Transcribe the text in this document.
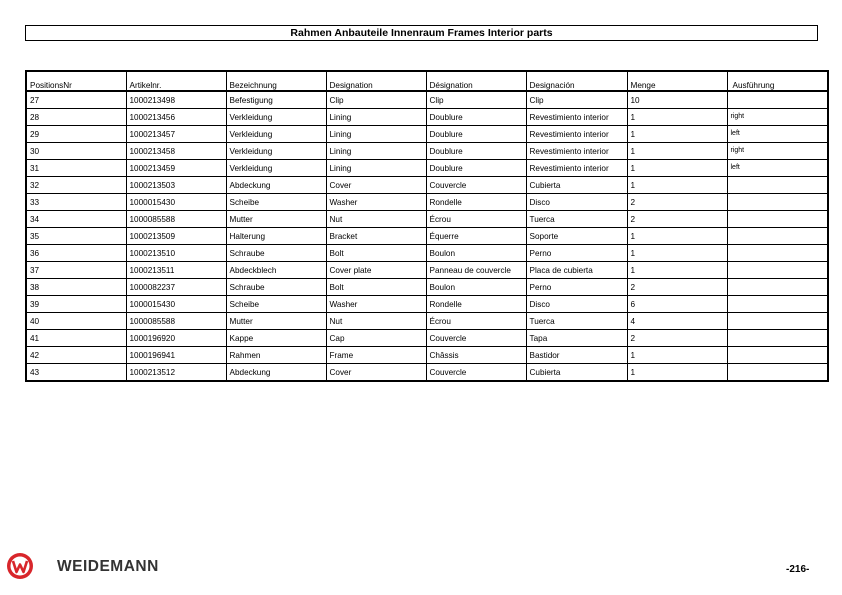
Rahmen Anbauteile Innenraum Frames Interior parts
PositionsNr	Artikelnr.	Bezeichnung	Designation	Désignation	Designación	Menge	Ausführung
27	1000213498	Befestigung	Clip	Clip	Clip	10	
28	1000213456	Verkleidung	Lining	Doublure	Revestimiento interior	1	right
29	1000213457	Verkleidung	Lining	Doublure	Revestimiento interior	1	left
30	1000213458	Verkleidung	Lining	Doublure	Revestimiento interior	1	right
31	1000213459	Verkleidung	Lining	Doublure	Revestimiento interior	1	left
32	1000213503	Abdeckung	Cover	Couvercle	Cubierta	1	
33	1000015430	Scheibe	Washer	Rondelle	Disco	2	
34	1000085588	Mutter	Nut	Écrou	Tuerca	2	
35	1000213509	Halterung	Bracket	Équerre	Soporte	1	
36	1000213510	Schraube	Bolt	Boulon	Perno	1	
37	1000213511	Abdeckblech	Cover plate	Panneau de couvercle	Placa de cubierta	1	
38	1000082237	Schraube	Bolt	Boulon	Perno	2	
39	1000015430	Scheibe	Washer	Rondelle	Disco	6	
40	1000085588	Mutter	Nut	Écrou	Tuerca	4	
41	1000196920	Kappe	Cap	Couvercle	Tapa	2	
42	1000196941	Rahmen	Frame	Châssis	Bastidor	1	
43	1000213512	Abdeckung	Cover	Couvercle	Cubierta	1	
WEIDEMANN	-216-
